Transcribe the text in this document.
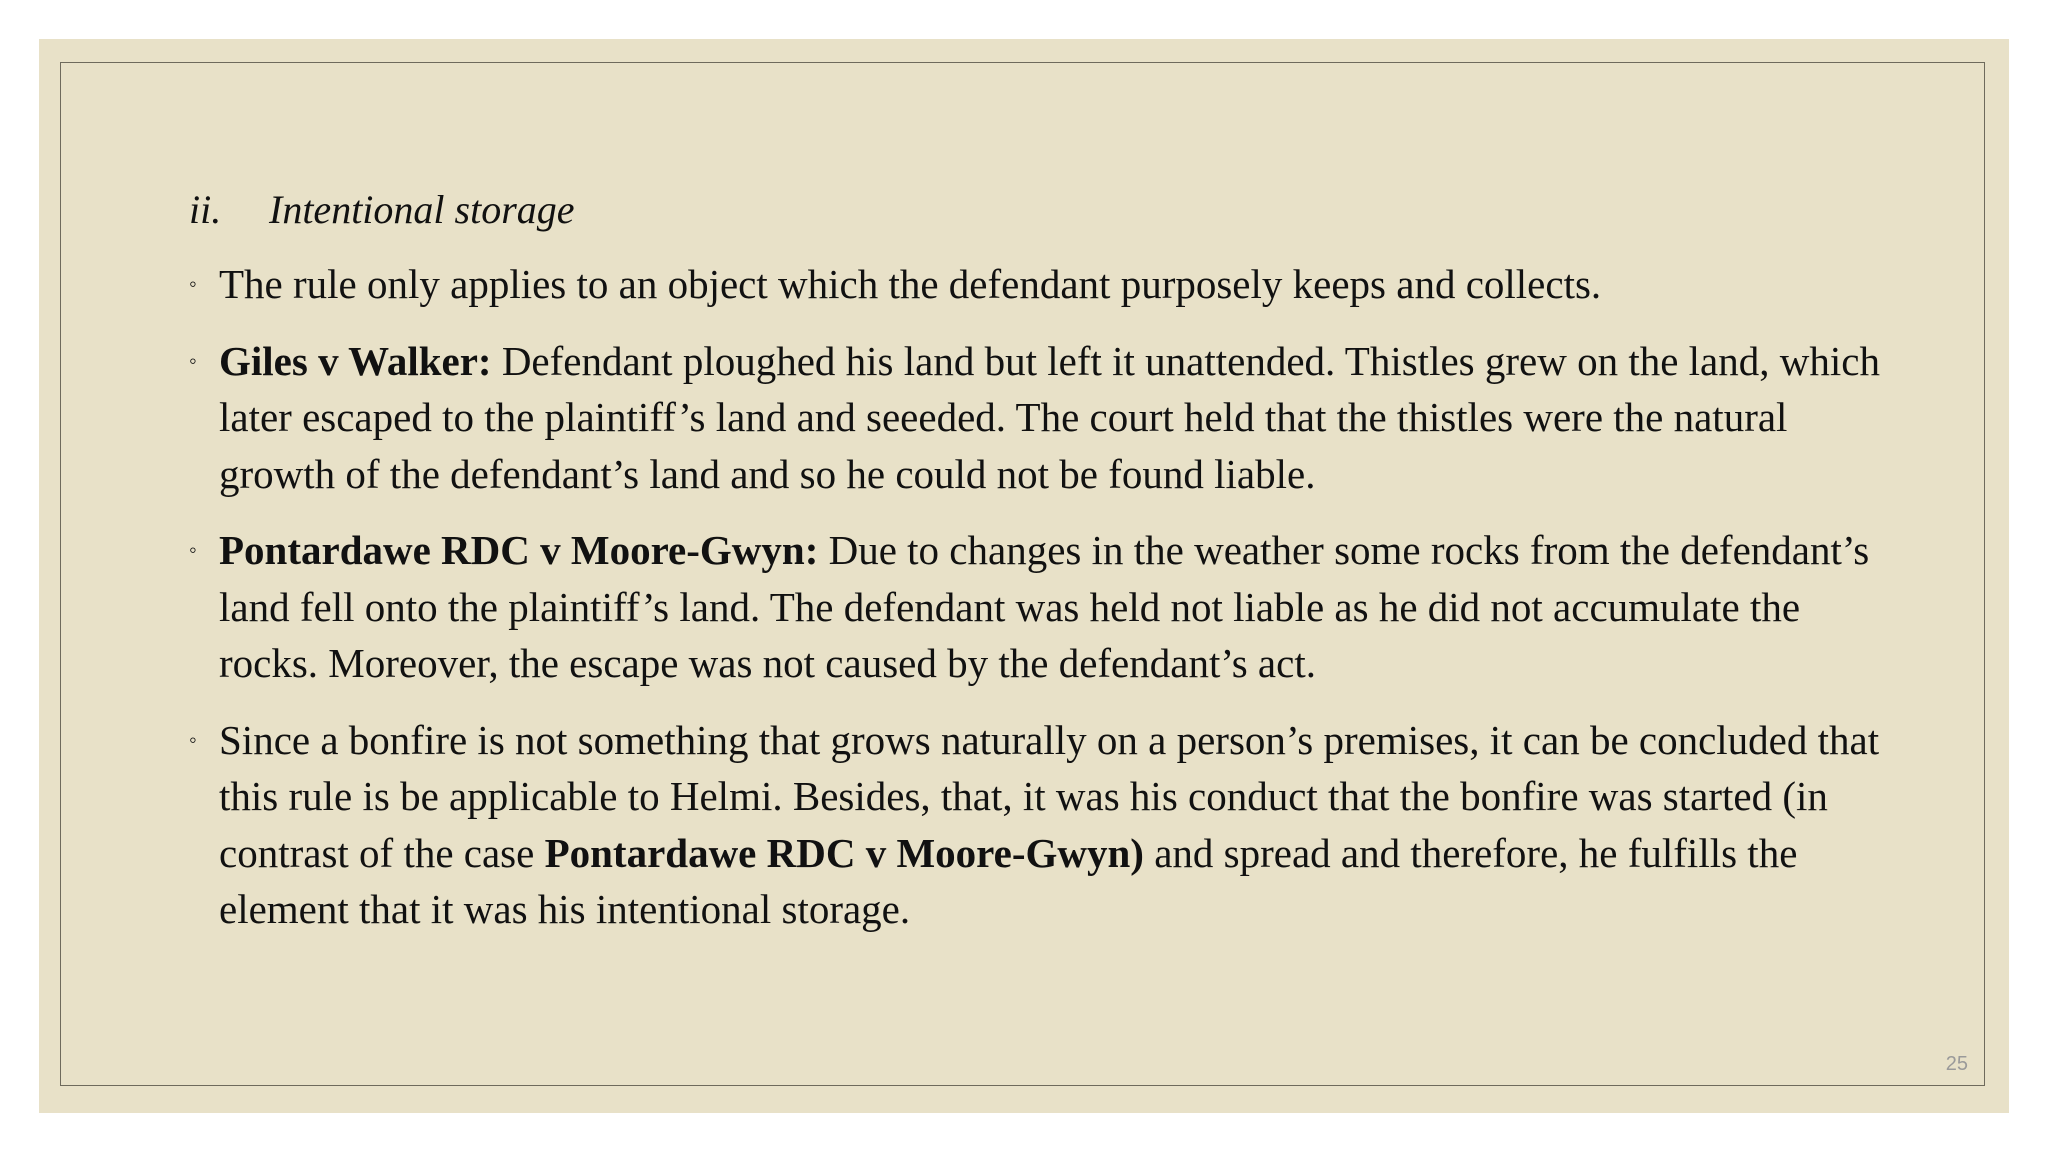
ii.	Intentional storage
◦ The rule only applies to an object which the defendant purposely keeps and collects.
◦ Giles v Walker: Defendant ploughed his land but left it unattended. Thistles grew on the land, which later escaped to the plaintiff’s land and seeeded. The court held that the thistles were the natural growth of the defendant’s land and so he could not be found liable.
◦ Pontardawe RDC v Moore-Gwyn: Due to changes in the weather some rocks from the defendant’s land fell onto the plaintiff’s land. The defendant was held not liable as he did not accumulate the rocks. Moreover, the escape was not caused by the defendant’s act.
◦ Since a bonfire is not something that grows naturally on a person’s premises, it can be concluded that this rule is be applicable to Helmi. Besides, that, it was his conduct that the bonfire was started (in contrast of the case Pontardawe RDC v Moore-Gwyn) and spread and therefore, he fulfills the element that it was his intentional storage.
25
